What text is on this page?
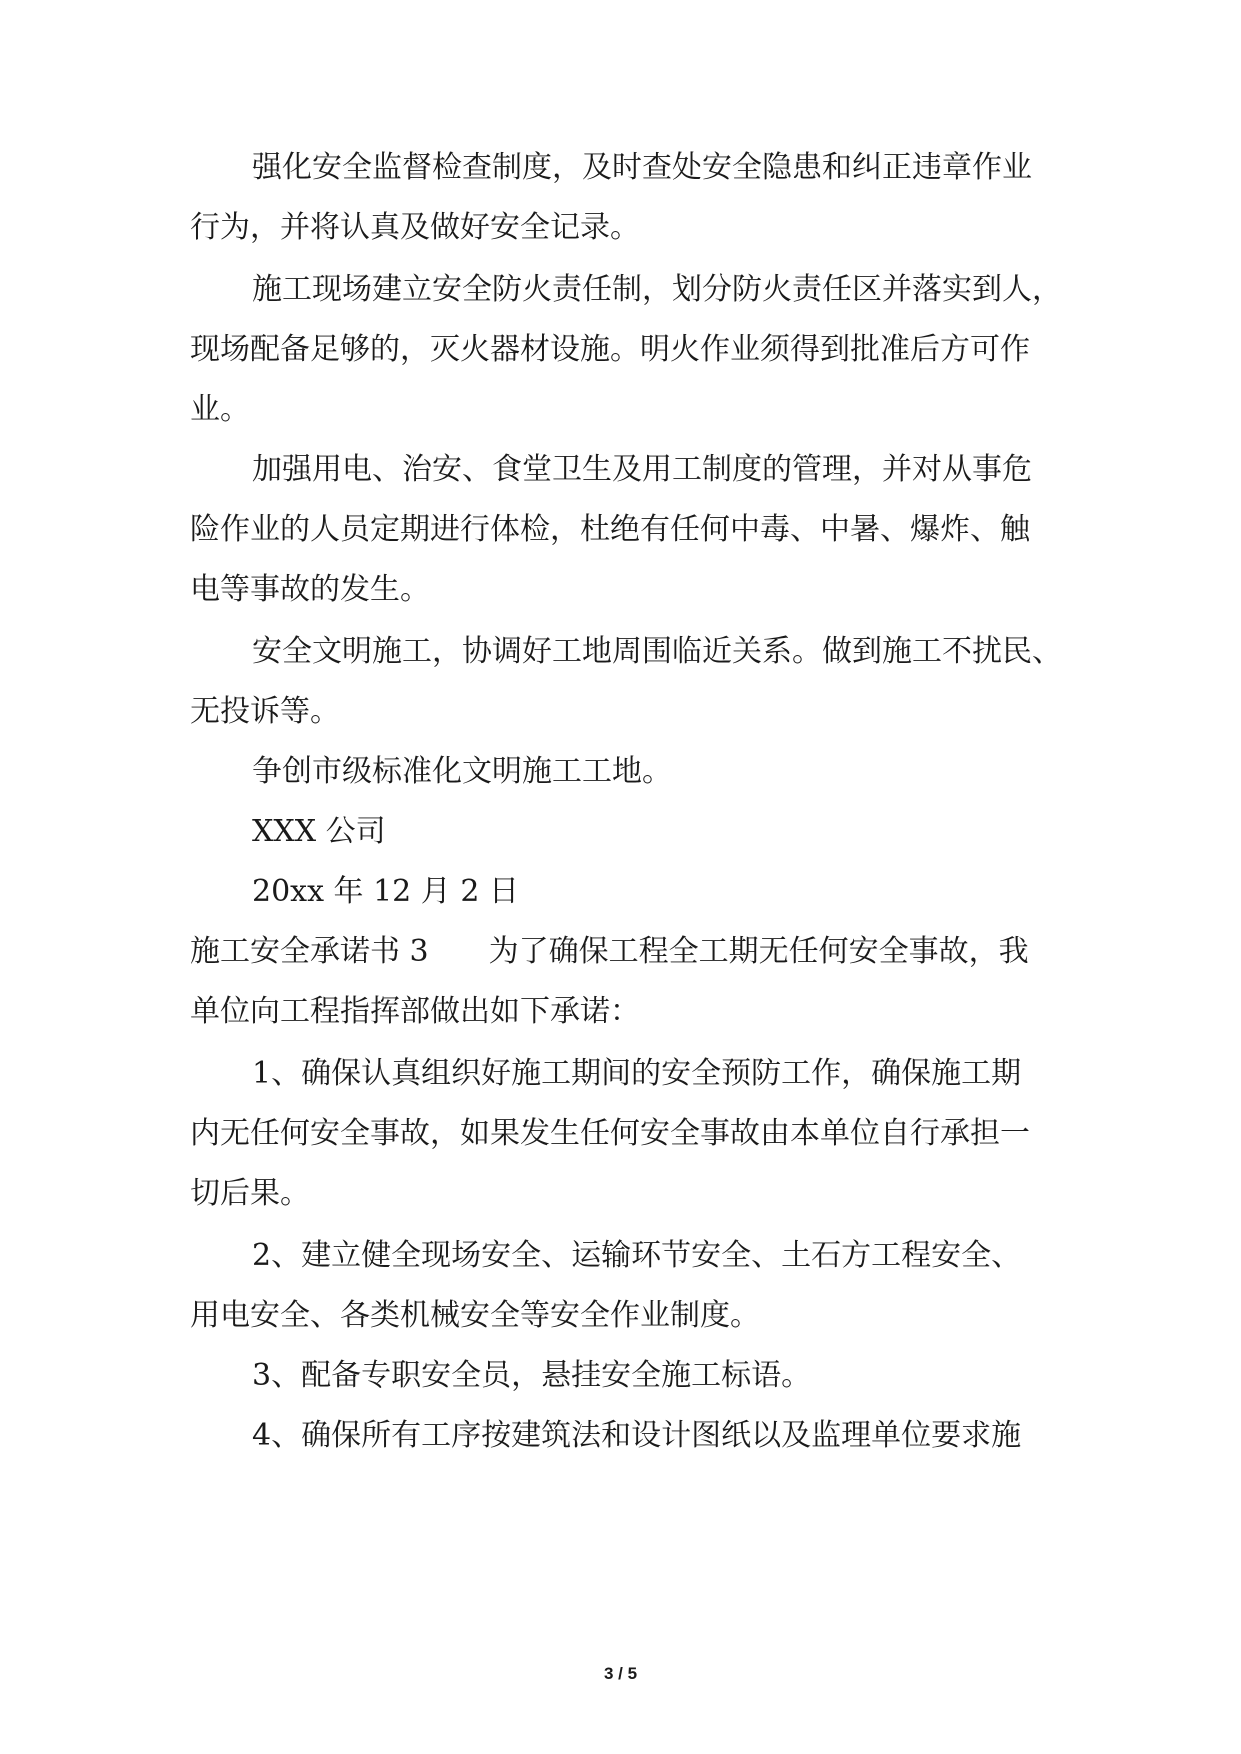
强化安全监督检查制度，及时查处安全隐患和纠正违章作业
行为，并将认真及做好安全记录。
施工现场建立安全防火责任制，划分防火责任区并落实到人，
现场配备足够的，灭火器材设施。明火作业须得到批准后方可作
业。
加强用电、治安、食堂卫生及用工制度的管理，并对从事危
险作业的人员定期进行体检，杜绝有任何中毒、中暑、爆炸、触
电等事故的发生。
安全文明施工，协调好工地周围临近关系。做到施工不扰民、
无投诉等。
争创市级标准化文明施工工地。
XXX 公司
20xx 年 12 月 2 日
施工安全承诺书 3 为了确保工程全工期无任何安全事故，我
单位向工程指挥部做出如下承诺：
1、确保认真组织好施工期间的安全预防工作，确保施工期
内无任何安全事故，如果发生任何安全事故由本单位自行承担一
切后果。
2、建立健全现场安全、运输环节安全、土石方工程安全、
用电安全、各类机械安全等安全作业制度。
3、配备专职安全员，悬挂安全施工标语。
4、确保所有工序按建筑法和设计图纸以及监理单位要求施
3 / 5
